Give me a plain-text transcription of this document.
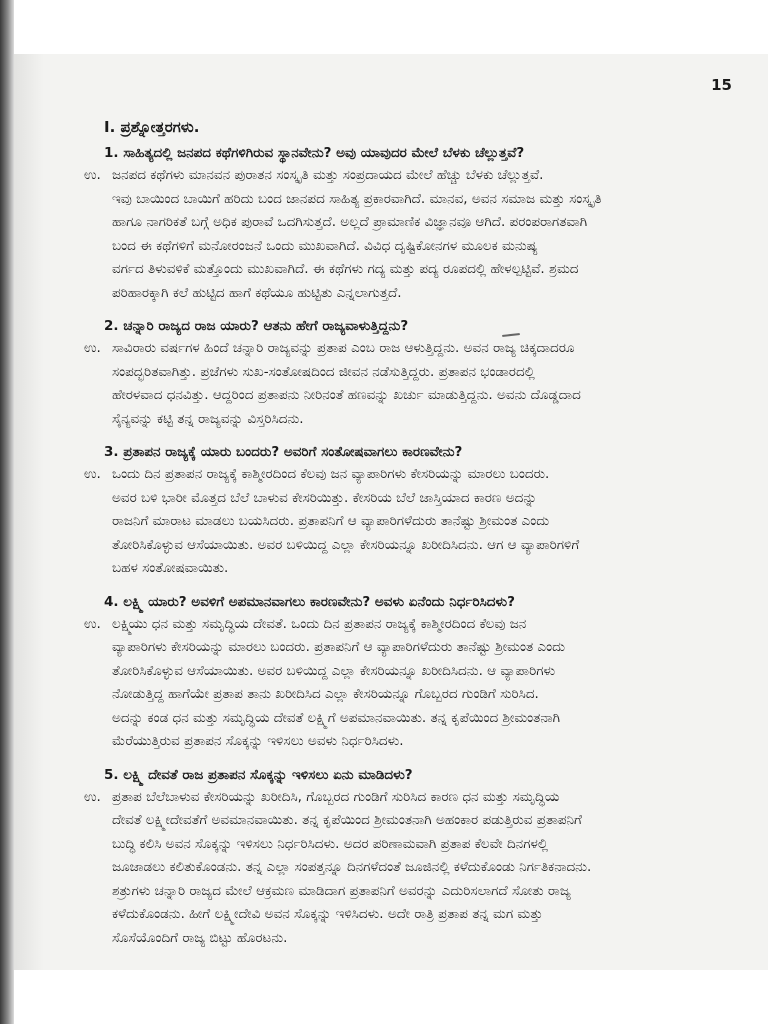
15
I. ಪ್ರಶ್ನೋತ್ತರಗಳು.
1. ಸಾಹಿತ್ಯದಲ್ಲಿ ಜನಪದ ಕಥೆಗಳಿಗಿರುವ ಸ್ಥಾನವೇನು? ಅವು ಯಾವುದರ ಮೇಲೆ ಬೆಳಕು ಚೆಲ್ಲುತ್ತವೆ?
ಉ. ಜನಪದ ಕಥೆಗಳು ಮಾನವನ ಪುರಾತನ ಸಂಸ್ಕೃತಿ ಮತ್ತು ಸಂಪ್ರದಾಯದ ಮೇಲೆ ಹೆಚ್ಚು ಬೆಳಕು ಚೆಲ್ಲುತ್ತವೆ.
ಇವು ಬಾಯಿಂದ ಬಾಯಿಗೆ ಹರಿದು ಬಂದ ಜಾನಪದ ಸಾಹಿತ್ಯ ಪ್ರಕಾರವಾಗಿದೆ. ಮಾನವ, ಅವನ ಸಮಾಜ ಮತ್ತು ಸಂಸ್ಕೃತಿ
ಹಾಗೂ ನಾಗರಿಕತೆ ಬಗ್ಗೆ ಅಧಿಕ ಪುರಾವೆ ಒದಗಿಸುತ್ತದೆ. ಅಲ್ಲದೆ ಪ್ರಾಮಾಣಿಕ ವಿಜ್ಞಾನವೂ ಆಗಿದೆ. ಪರಂಪರಾಗತವಾಗಿ
ಬಂದ ಈ ಕಥೆಗಳಿಗೆ ಮನೋರಂಜನೆ ಒಂದು ಮುಖವಾಗಿದೆ. ವಿವಿಧ ದೃಷ್ಟಿಕೋನಗಳ ಮೂಲಕ ಮನುಷ್ಯ
ವರ್ಗದ ತಿಳುವಳಿಕೆ ಮತ್ತೊಂದು ಮುಖವಾಗಿದೆ. ಈ ಕಥೆಗಳು ಗದ್ಯ ಮತ್ತು ಪದ್ಯ ರೂಪದಲ್ಲಿ ಹೇಳಲ್ಪಟ್ಟಿವೆ. ಶ್ರಮದ
ಪರಿಹಾರಕ್ಕಾಗಿ ಕಲೆ ಹುಟ್ಟಿದ ಹಾಗೆ ಕಥೆಯೂ ಹುಟ್ಟಿತು ಎನ್ನಲಾಗುತ್ತದೆ.
2. ಚನ್ನಾರಿ ರಾಜ್ಯದ ರಾಜ ಯಾರು? ಆತನು ಹೇಗೆ ರಾಜ್ಯವಾಳುತ್ತಿದ್ದನು?
ಉ. ಸಾವಿರಾರು ವರ್ಷಗಳ ಹಿಂದೆ ಚನ್ನಾರಿ ರಾಜ್ಯವನ್ನು ಪ್ರತಾಪ ಎಂಬ ರಾಜ ಆಳುತ್ತಿದ್ದನು. ಅವನ ರಾಜ್ಯ ಚಿಕ್ಕದಾದರೂ
ಸಂಪದ್ಭರಿತವಾಗಿತ್ತು. ಪ್ರಜೆಗಳು ಸುಖ-ಸಂತೋಷದಿಂದ ಜೀವನ ನಡೆಸುತ್ತಿದ್ದರು. ಪ್ರತಾಪನ ಭಂಡಾರದಲ್ಲಿ
ಹೇರಳವಾದ ಧನವಿತ್ತು. ಆದ್ದರಿಂದ ಪ್ರತಾಪನು ನೀರಿನಂತೆ ಹಣವನ್ನು ಖರ್ಚು ಮಾಡುತ್ತಿದ್ದನು. ಅವನು ದೊಡ್ಡದಾದ
ಸೈನ್ಯವನ್ನು ಕಟ್ಟಿ ತನ್ನ ರಾಜ್ಯವನ್ನು ವಿಸ್ತರಿಸಿದನು.
3. ಪ್ರತಾಪನ ರಾಜ್ಯಕ್ಕೆ ಯಾರು ಬಂದರು? ಅವರಿಗೆ ಸಂತೋಷವಾಗಲು ಕಾರಣವೇನು?
ಉ. ಒಂದು ದಿನ ಪ್ರತಾಪನ ರಾಜ್ಯಕ್ಕೆ ಕಾಶ್ಮೀರದಿಂದ ಕೆಲವು ಜನ ವ್ಯಾಪಾರಿಗಳು ಕೇಸರಿಯನ್ನು ಮಾರಲು ಬಂದರು.
ಅವರ ಬಳಿ ಭಾರೀ ಮೊತ್ತದ ಬೆಲೆ ಬಾಳುವ ಕೇಸರಿಯಿತ್ತು. ಕೇಸರಿಯ ಬೆಲೆ ಜಾಸ್ತಿಯಾದ ಕಾರಣ ಅದನ್ನು
ರಾಜನಿಗೆ ಮಾರಾಟ ಮಾಡಲು ಬಯಸಿದರು. ಪ್ರತಾಪನಿಗೆ ಆ ವ್ಯಾಪಾರಿಗಳೆದುರು ತಾನೆಷ್ಟು ಶ್ರೀಮಂತ ಎಂದು
ತೋರಿಸಿಕೊಳ್ಳುವ ಆಸೆಯಾಯಿತು. ಅವರ ಬಳಿಯಿದ್ದ ಎಲ್ಲಾ ಕೇಸರಿಯನ್ನೂ ಖರೀದಿಸಿದನು. ಆಗ ಆ ವ್ಯಾಪಾರಿಗಳಿಗೆ
ಬಹಳ ಸಂತೋಷವಾಯಿತು.
4. ಲಕ್ಷ್ಮಿ ಯಾರು? ಅವಳಿಗೆ ಅಪಮಾನವಾಗಲು ಕಾರಣವೇನು? ಅವಳು ಏನೆಂದು ನಿರ್ಧರಿಸಿದಳು?
ಉ. ಲಕ್ಷ್ಮಿಯು ಧನ ಮತ್ತು ಸಮೃದ್ಧಿಯ ದೇವತೆ. ಒಂದು ದಿನ ಪ್ರತಾಪನ ರಾಜ್ಯಕ್ಕೆ ಕಾಶ್ಮೀರದಿಂದ ಕೆಲವು ಜನ
ವ್ಯಾಪಾರಿಗಳು ಕೇಸರಿಯನ್ನು ಮಾರಲು ಬಂದರು. ಪ್ರತಾಪನಿಗೆ ಆ ವ್ಯಾಪಾರಿಗಳೆದುರು ತಾನೆಷ್ಟು ಶ್ರೀಮಂತ ಎಂದು
ತೋರಿಸಿಕೊಳ್ಳುವ ಆಸೆಯಾಯಿತು. ಅವರ ಬಳಿಯಿದ್ದ ಎಲ್ಲಾ ಕೇಸರಿಯನ್ನೂ ಖರೀದಿಸಿದನು. ಆ ವ್ಯಾಪಾರಿಗಳು
ನೋಡುತ್ತಿದ್ದ ಹಾಗೆಯೇ ಪ್ರತಾಪ ತಾನು ಖರೀದಿಸಿದ ಎಲ್ಲಾ ಕೇಸರಿಯನ್ನೂ ಗೊಬ್ಬರದ ಗುಂಡಿಗೆ ಸುರಿಸಿದ.
ಅದನ್ನು ಕಂಡ ಧನ ಮತ್ತು ಸಮೃದ್ಧಿಯ ದೇವತೆ ಲಕ್ಷ್ಮಿಗೆ ಅಪಮಾನವಾಯಿತು. ತನ್ನ ಕೃಪೆಯಿಂದ ಶ್ರೀಮಂತನಾಗಿ
ಮೆರೆಯುತ್ತಿರುವ ಪ್ರತಾಪನ ಸೊಕ್ಕನ್ನು ಇಳಿಸಲು ಅವಳು ನಿರ್ಧರಿಸಿದಳು.
5. ಲಕ್ಷ್ಮಿ ದೇವತೆ ರಾಜ ಪ್ರತಾಪನ ಸೊಕ್ಕನ್ನು ಇಳಿಸಲು ಏನು ಮಾಡಿದಳು?
ಉ. ಪ್ರತಾಪ ಬೆಲೆಬಾಳುವ ಕೇಸರಿಯನ್ನು ಖರೀದಿಸಿ, ಗೊಬ್ಬರದ ಗುಂಡಿಗೆ ಸುರಿಸಿದ ಕಾರಣ ಧನ ಮತ್ತು ಸಮೃದ್ಧಿಯ
ದೇವತೆ ಲಕ್ಷ್ಮೀದೇವತೆಗೆ ಅವಮಾನವಾಯಿತು. ತನ್ನ ಕೃಪೆಯಿಂದ ಶ್ರೀಮಂತನಾಗಿ ಅಹಂಕಾರ ಪಡುತ್ತಿರುವ ಪ್ರತಾಪನಿಗೆ
ಬುದ್ಧಿ ಕಲಿಸಿ ಅವನ ಸೊಕ್ಕನ್ನು ಇಳಿಸಲು ನಿರ್ಧರಿಸಿದಳು. ಅದರ ಪರಿಣಾಮವಾಗಿ ಪ್ರತಾಪ ಕೆಲವೇ ದಿನಗಳಲ್ಲಿ
ಜೂಜಾಡಲು ಕಲಿತುಕೊಂಡನು. ತನ್ನ ಎಲ್ಲಾ ಸಂಪತ್ತನ್ನೂ ದಿನಗಳೆದಂತೆ ಜೂಜಿನಲ್ಲಿ ಕಳೆದುಕೊಂಡು ನಿರ್ಗತಿಕನಾದನು.
ಶತ್ರುಗಳು ಚನ್ನಾರಿ ರಾಜ್ಯದ ಮೇಲೆ ಆಕ್ರಮಣ ಮಾಡಿದಾಗ ಪ್ರತಾಪನಿಗೆ ಅವರನ್ನು ಎದುರಿಸಲಾಗದೆ ಸೋತು ರಾಜ್ಯ
ಕಳೆದುಕೊಂಡನು. ಹೀಗೆ ಲಕ್ಷ್ಮೀದೇವಿ ಅವನ ಸೊಕ್ಕನ್ನು ಇಳಿಸಿದಳು. ಅದೇ ರಾತ್ರಿ ಪ್ರತಾಪ ತನ್ನ ಮಗ ಮತ್ತು
ಸೊಸೆಯೊಂದಿಗೆ ರಾಜ್ಯ ಬಿಟ್ಟು ಹೊರಟನು.
